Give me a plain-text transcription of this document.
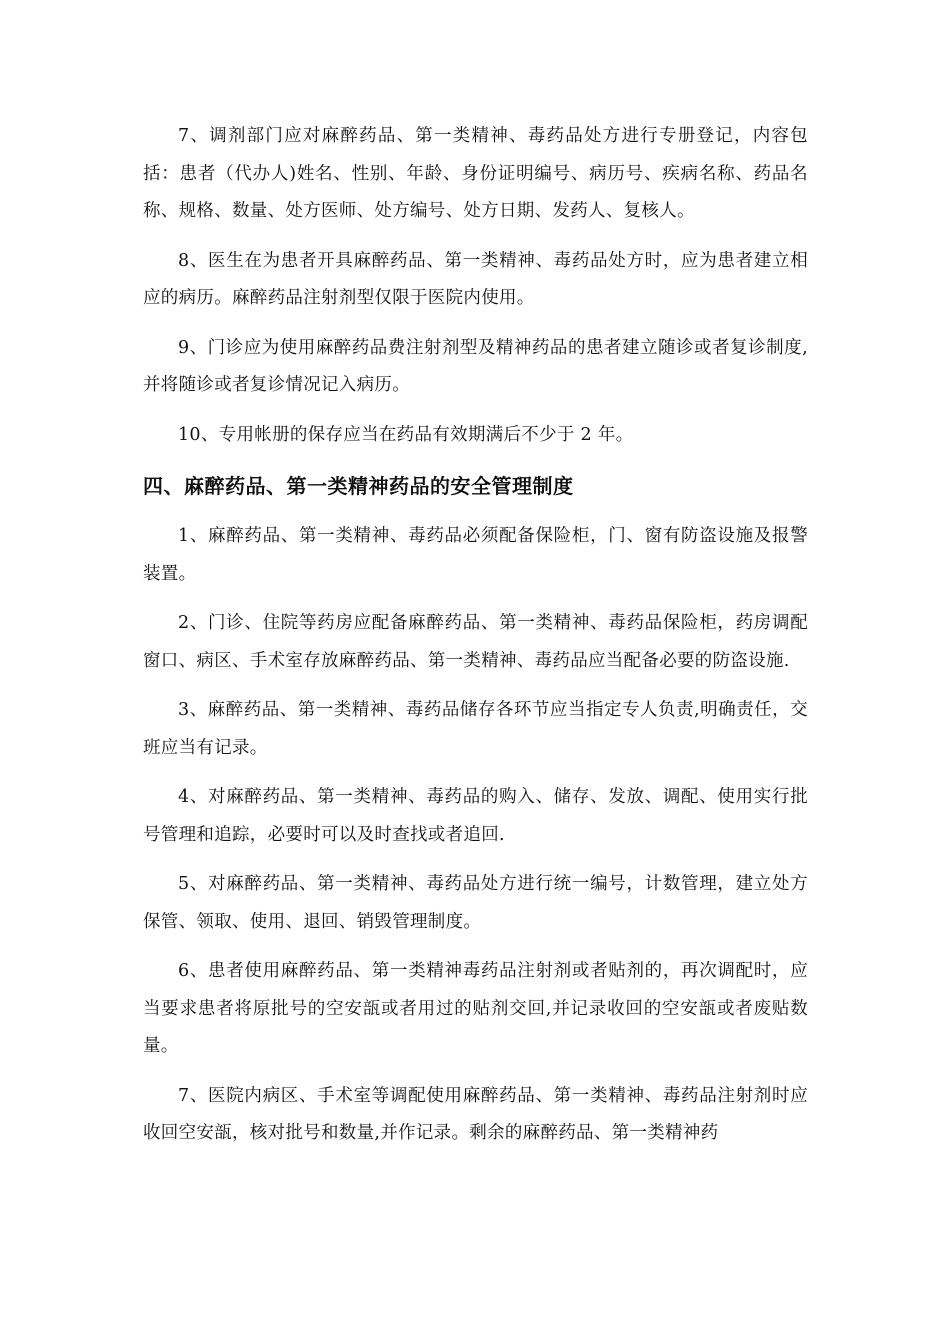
7、调剂部门应对麻醉药品、第一类精神、毒药品处方进行专册登记，内容包括：患者（代办人)姓名、性别、年龄、身份证明编号、病历号、疾病名称、药品名称、规格、数量、处方医师、处方编号、处方日期、发药人、复核人。

8、医生在为患者开具麻醉药品、第一类精神、毒药品处方时，应为患者建立相应的病历。麻醉药品注射剂型仅限于医院内使用。

9、门诊应为使用麻醉药品费注射剂型及精神药品的患者建立随诊或者复诊制度,并将随诊或者复诊情况记入病历。

10、专用帐册的保存应当在药品有效期满后不少于 2 年。

四、麻醉药品、第一类精神药品的安全管理制度

1、麻醉药品、第一类精神、毒药品必须配备保险柜，门、窗有防盗设施及报警装置。

2、门诊、住院等药房应配备麻醉药品、第一类精神、毒药品保险柜，药房调配窗口、病区、手术室存放麻醉药品、第一类精神、毒药品应当配备必要的防盗设施.

3、麻醉药品、第一类精神、毒药品储存各环节应当指定专人负责,明确责任，交班应当有记录。

4、对麻醉药品、第一类精神、毒药品的购入、储存、发放、调配、使用实行批号管理和追踪，必要时可以及时查找或者追回.

5、对麻醉药品、第一类精神、毒药品处方进行统一编号，计数管理，建立处方保管、领取、使用、退回、销毁管理制度。

6、患者使用麻醉药品、第一类精神毒药品注射剂或者贴剂的，再次调配时，应当要求患者将原批号的空安瓿或者用过的贴剂交回,并记录收回的空安瓿或者废贴数量。

7、医院内病区、手术室等调配使用麻醉药品、第一类精神、毒药品注射剂时应收回空安瓿，核对批号和数量,并作记录。剩余的麻醉药品、第一类精神药
